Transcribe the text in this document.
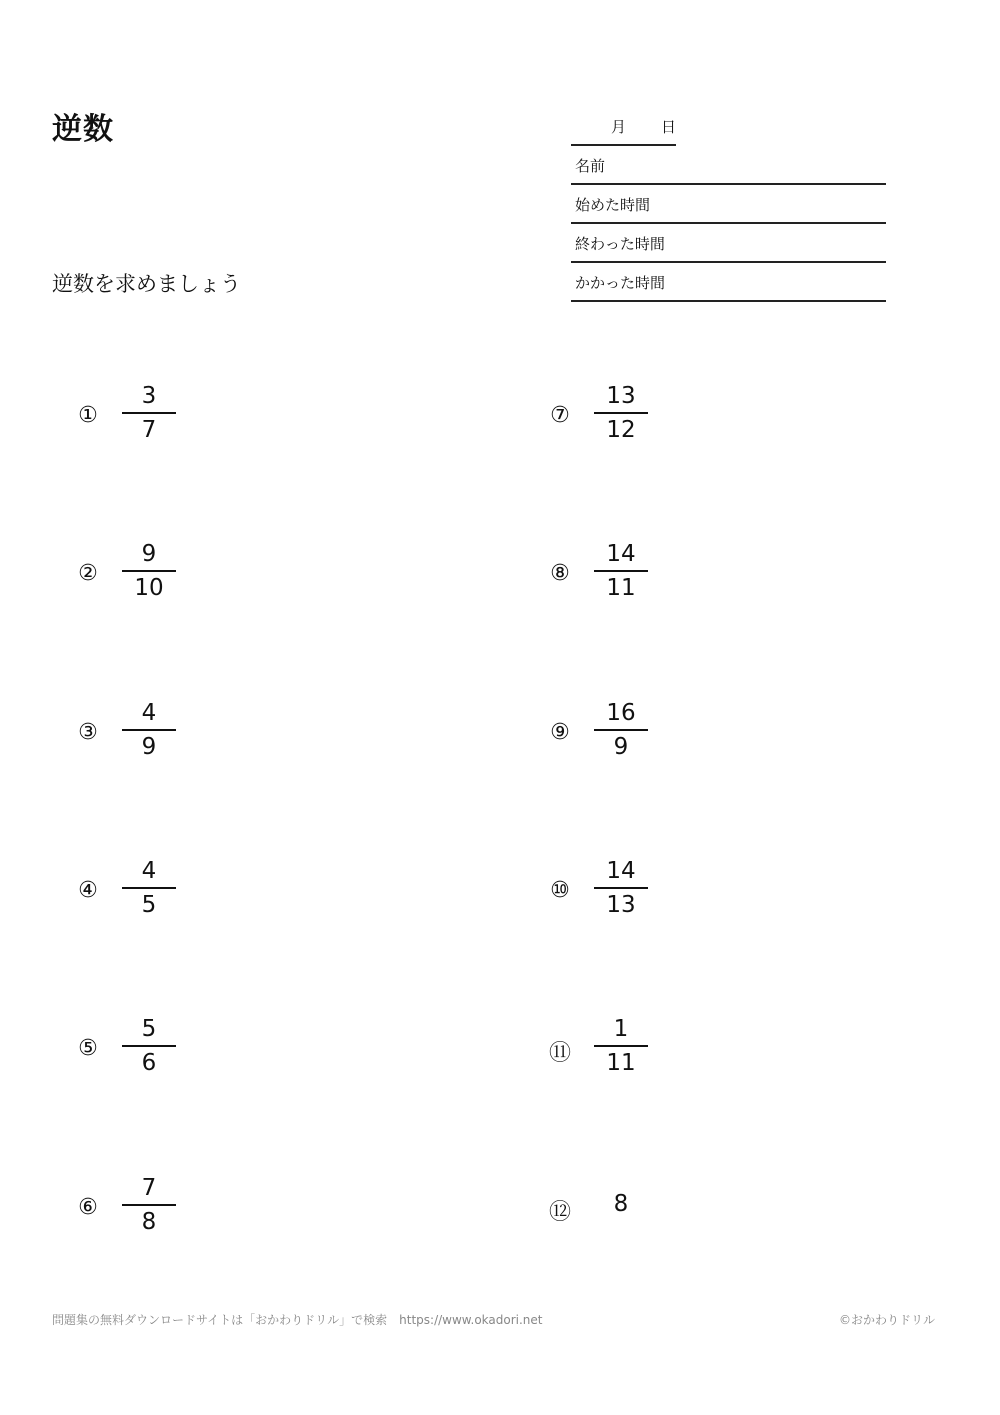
逆数
逆数を求めましょう
月 日
名前
始めた時間
終わった時間
かかった時間
①
3
7
②
9
10
③
4
9
④
4
5
⑤
5
6
⑥
7
8
⑦
13
12
⑧
14
11
⑨
16
9
⑩
14
13
⑪
1
11
⑫	8
問題集の無料ダウンロードサイトは「おかわりドリル」で検索　https://www.okadori.net	©おかわりドリル
